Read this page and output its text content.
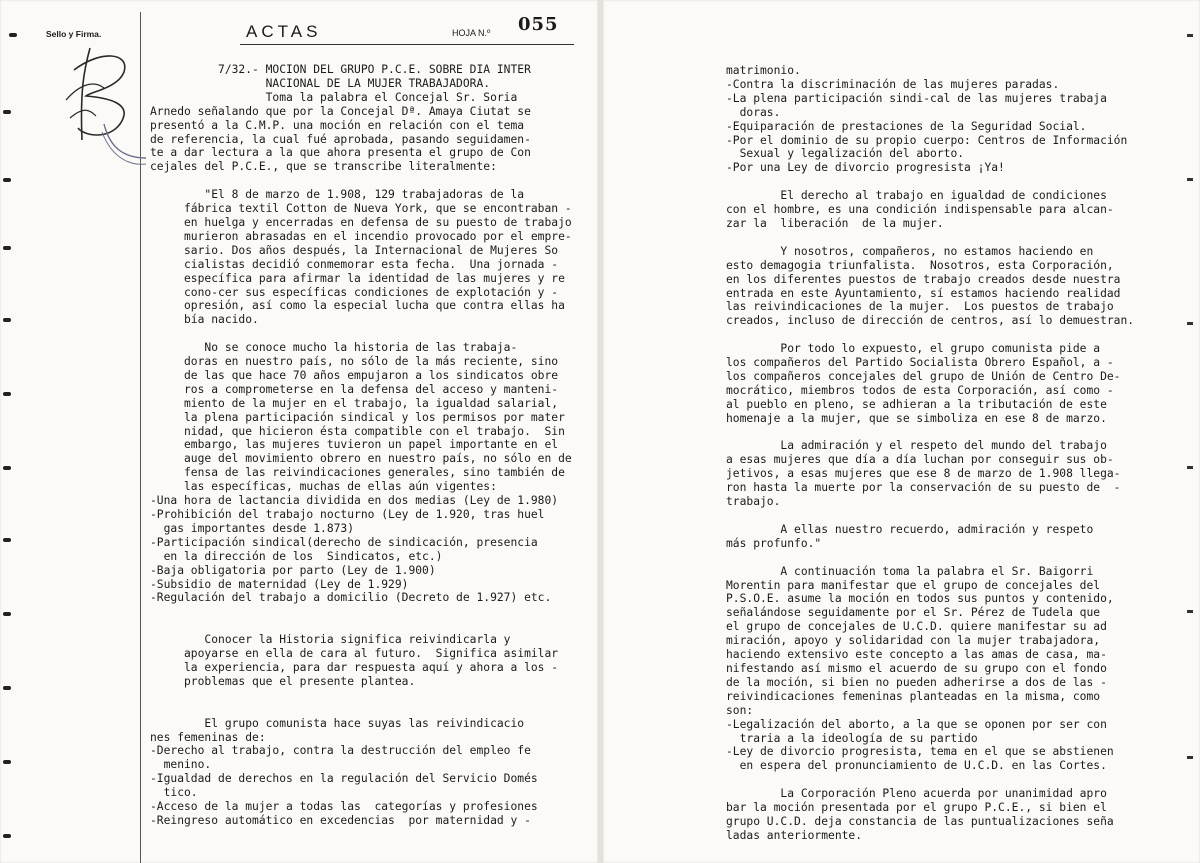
Sello y Firma.	ACTAS	HOJA N.º 055
7/32.- MOCION DEL GRUPO P.C.E. SOBRE DIA INTER
NACIONAL DE LA MUJER TRABAJADORA.
Toma la palabra el Concejal Sr. Soria
Arnedo señalando que por la Concejal Dª. Amaya Ciutat se
presentó a la C.M.P. una moción en relación con el tema
de referencia, la cual fué aprobada, pasando seguidamen-
te a dar lectura a la que ahora presenta el grupo de Con
cejales del P.C.E., que se transcribe literalmente:

"El 8 de marzo de 1.908, 129 trabajadoras de la
fábrica textil Cotton de Nueva York, que se encontraban -
en huelga y encerradas en defensa de su puesto de trabajo
murieron abrasadas en el incendio provocado por el empre-
sario. Dos años después, la Internacional de Mujeres So
cialistas decidió conmemorar esta fecha.  Una jornada -
específica para afirmar la identidad de las mujeres y re
cono-cer sus específicas condiciones de explotación y -
opresión, así como la especial lucha que contra ellas ha
bía nacido.

No se conoce mucho la historia de las trabaja-
doras en nuestro país, no sólo de la más reciente, sino
de las que hace 70 años empujaron a los sindicatos obre
ros a comprometerse en la defensa del acceso y manteni-
miento de la mujer en el trabajo, la igualdad salarial,
la plena participación sindical y los permisos por mater
nidad, que hicieron ésta compatible con el trabajo.  Sin
embargo, las mujeres tuvieron un papel importante en el
auge del movimiento obrero en nuestro país, no sólo en de
fensa de las reivindicaciones generales, sino también de
las específicas, muchas de ellas aún vigentes:
-Una hora de lactancia dividida en dos medias (Ley de 1.980)
-Prohibición del trabajo nocturno (Ley de 1.920, tras huel
gas importantes desde 1.873)
-Participación sindical(derecho de sindicación, presencia
en la dirección de los  Sindicatos, etc.)
-Baja obligatoria por parto (Ley de 1.900)
-Subsidio de maternidad (Ley de 1.929)
-Regulación del trabajo a domicilio (Decreto de 1.927) etc.

Conocer la Historia significa reivindicarla y
apoyarse en ella de cara al futuro.  Significa asimilar
la experiencia, para dar respuesta aquí y ahora a los -
problemas que el presente plantea.

El grupo comunista hace suyas las reivindicacio
nes femeninas de:
-Derecho al trabajo, contra la destrucción del empleo fe
menino.
-Igualdad de derechos en la regulación del Servicio Domés
tico.
-Acceso de la mujer a todas las  categorías y profesiones
-Reingreso automático en excedencias  por maternidad y -
matrimonio.
-Contra la discriminación de las mujeres paradas.
-La plena participación sindi-cal de las mujeres trabaja
doras.
-Equiparación de prestaciones de la Seguridad Social.
-Por el dominio de su propio cuerpo: Centros de Información
Sexual y legalización del aborto.
-Por una Ley de divorcio progresista ¡Ya!

El derecho al trabajo en igualdad de condiciones
con el hombre, es una condición indispensable para alcan-
zar la  liberación  de la mujer.

Y nosotros, compañeros, no estamos haciendo en
esto demagogia triunfalista.  Nosotros, esta Corporación,
en los diferentes puestos de trabajo creados desde nuestra
entrada en este Ayuntamiento, sí estamos haciendo realidad
las reivindicaciones de la mujer.  Los puestos de trabajo
creados, incluso de dirección de centros, así lo demuestran.

Por todo lo expuesto, el grupo comunista pide a
los compañeros del Partido Socialista Obrero Español, a -
los compañeros concejales del grupo de Unión de Centro De-
mocrático, miembros todos de esta Corporación, así como -
al pueblo en pleno, se adhieran a la tributación de este
homenaje a la mujer, que se simboliza en ese 8 de marzo.

La admiración y el respeto del mundo del trabajo
a esas mujeres que día a día luchan por conseguir sus ob-
jetivos, a esas mujeres que ese 8 de marzo de 1.908 llega-
ron hasta la muerte por la conservación de su puesto de  -
trabajo.

A ellas nuestro recuerdo, admiración y respeto
más profunfo."

A continuación toma la palabra el Sr. Baigorri
Morentin para manifestar que el grupo de concejales del
P.S.O.E. asume la moción en todos sus puntos y contenido,
señalándose seguidamente por el Sr. Pérez de Tudela que
el grupo de concejales de U.C.D. quiere manifestar su ad
miración, apoyo y solidaridad con la mujer trabajadora,
haciendo extensivo este concepto a las amas de casa, ma-
nifestando así mismo el acuerdo de su grupo con el fondo
de la moción, si bien no pueden adherirse a dos de las -
reivindicaciones femeninas planteadas en la misma, como
son:
-Legalización del aborto, a la que se oponen por ser con
traria a la ideología de su partido
-Ley de divorcio progresista, tema en el que se abstienen
en espera del pronunciamiento de U.C.D. en las Cortes.

La Corporación Pleno acuerda por unanimidad apro
bar la moción presentada por el grupo P.C.E., si bien el
grupo U.C.D. deja constancia de las puntualizaciones seña
ladas anteriormente.
